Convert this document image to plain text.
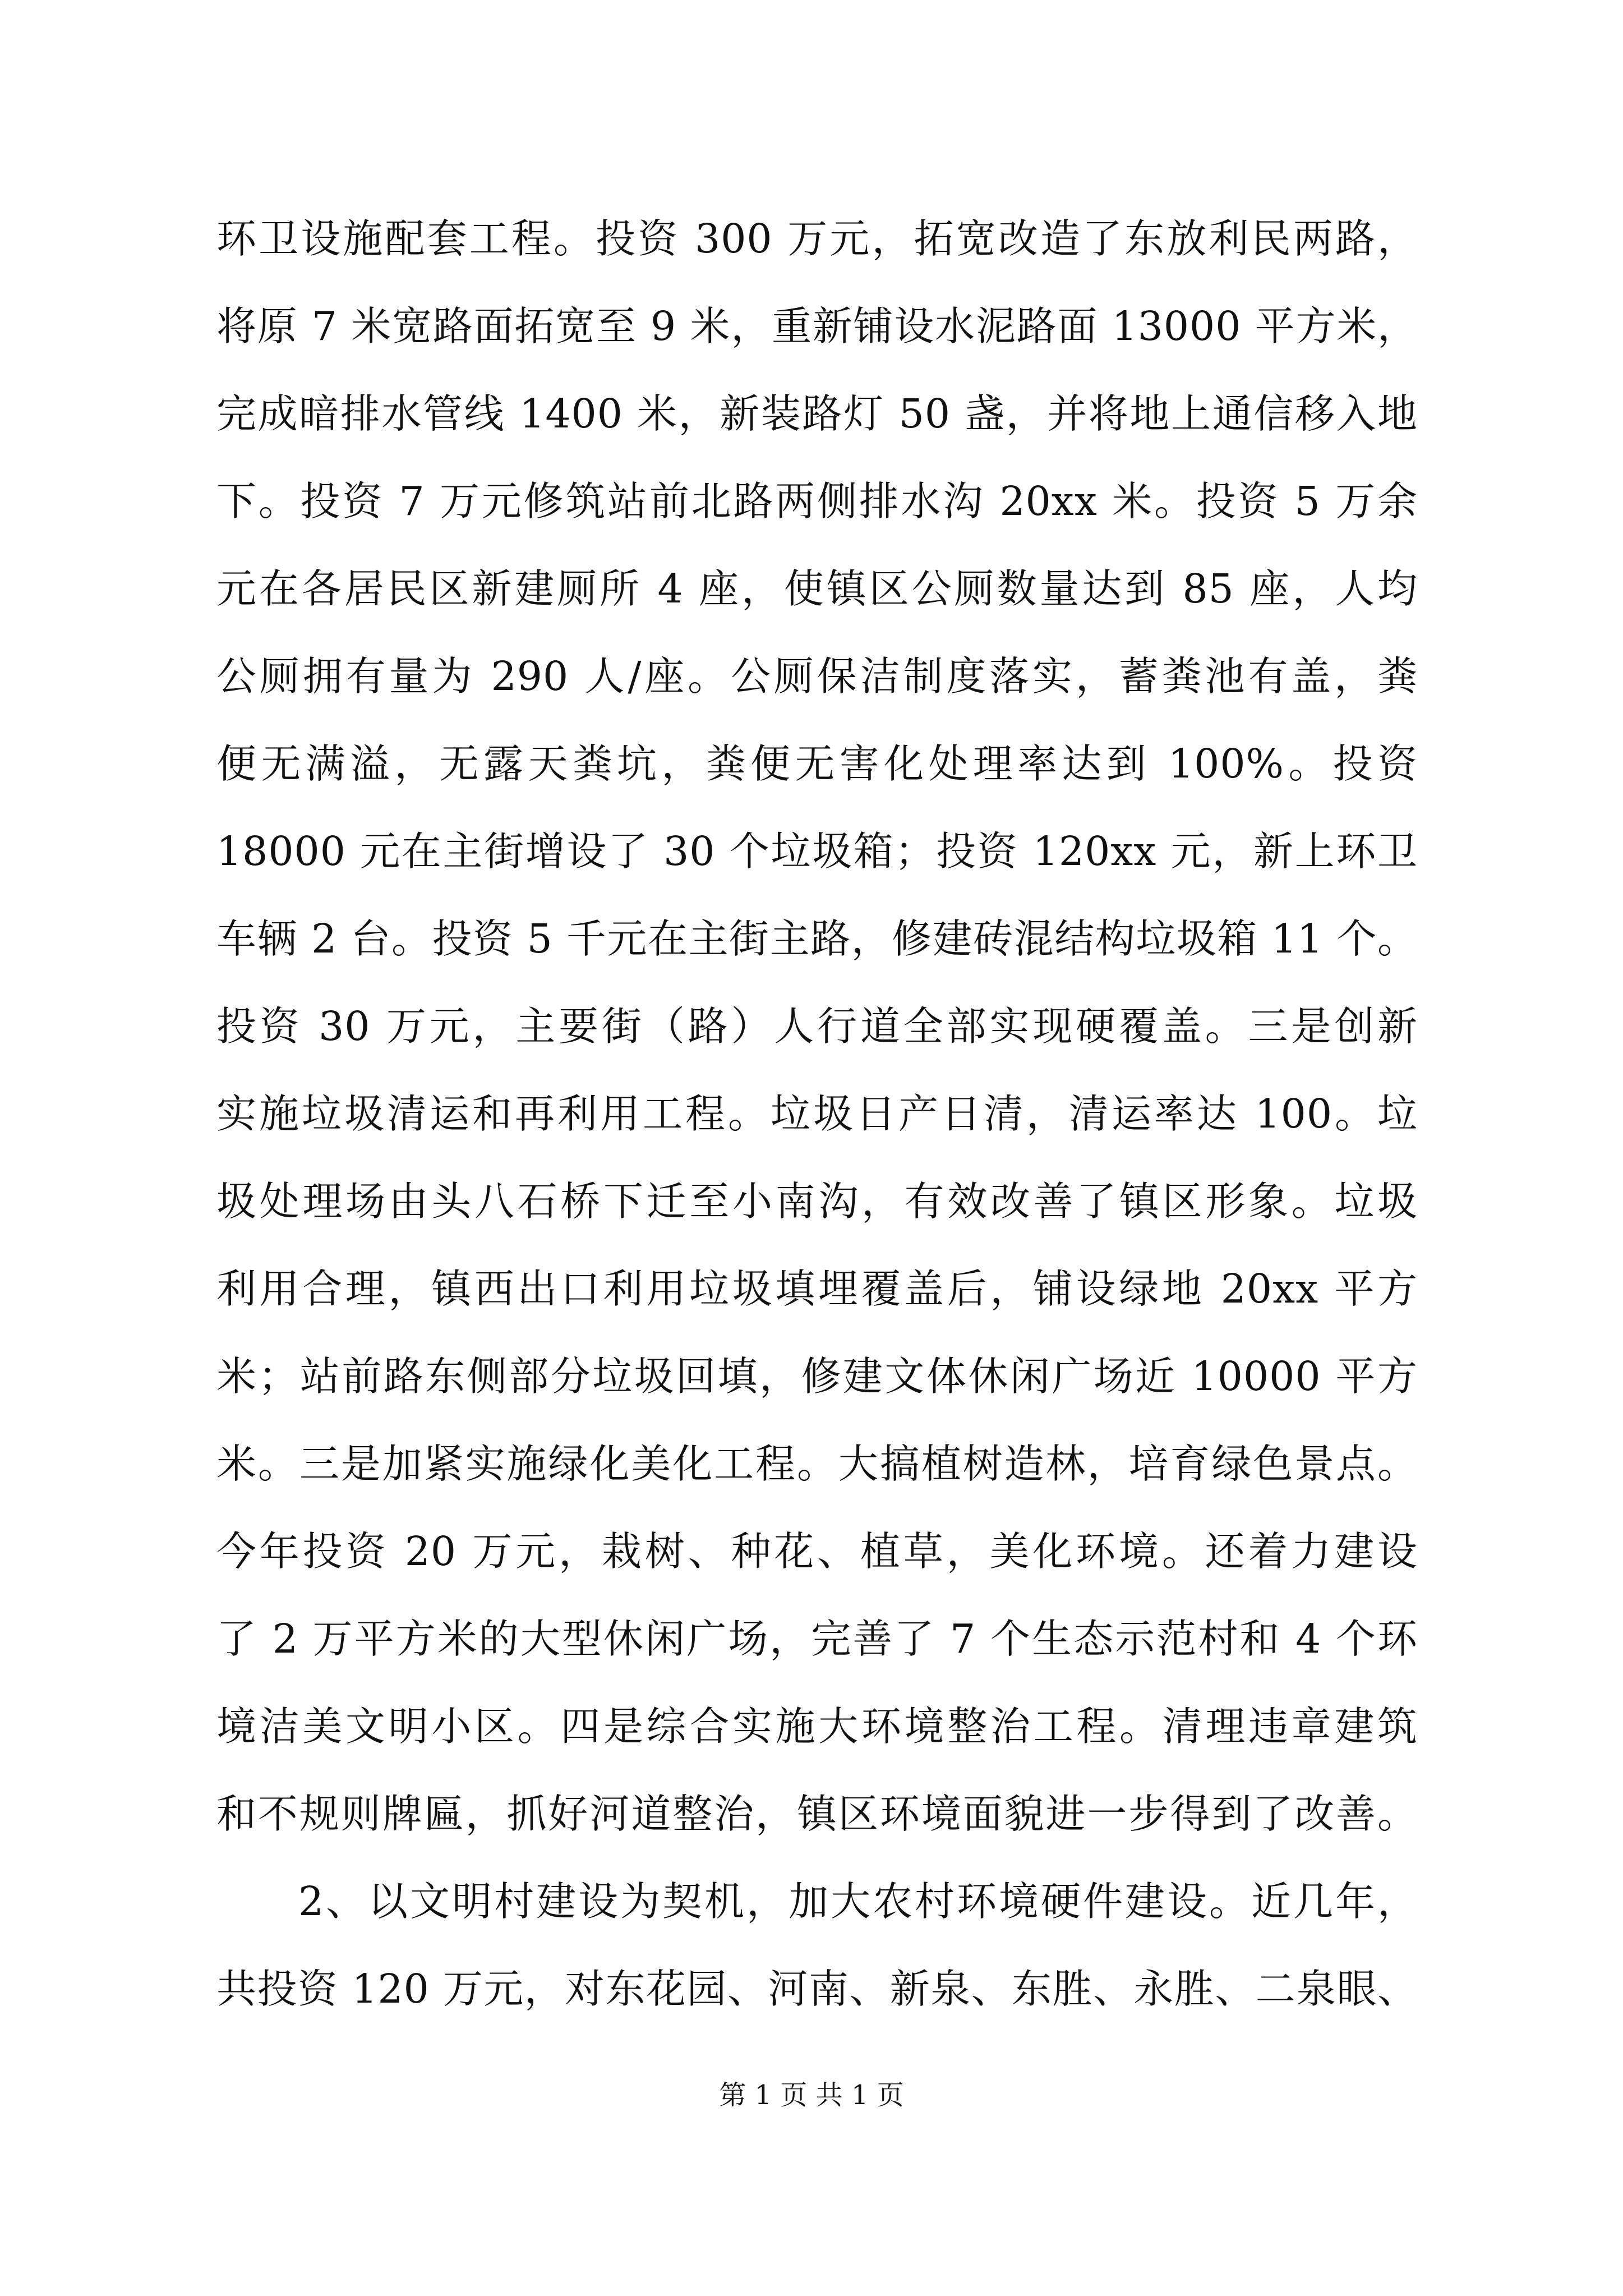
环卫设施配套工程。投资 300 万元，拓宽改造了东放利民两路，
将原 7 米宽路面拓宽至 9 米，重新铺设水泥路面 13000 平方米，
完成暗排水管线 1400 米，新装路灯 50 盏，并将地上通信移入地
下。投资 7 万元修筑站前北路两侧排水沟 20xx 米。投资 5 万余
元在各居民区新建厕所 4 座，使镇区公厕数量达到 85 座，人均
公厕拥有量为 290 人/座。公厕保洁制度落实，蓄粪池有盖，粪
便无满溢，无露天粪坑，粪便无害化处理率达到 100%。投资
18000 元在主街增设了 30 个垃圾箱；投资 120xx 元，新上环卫
车辆 2 台。投资 5 千元在主街主路，修建砖混结构垃圾箱 11 个。
投资 30 万元，主要街（路）人行道全部实现硬覆盖。三是创新
实施垃圾清运和再利用工程。垃圾日产日清，清运率达 100。垃
圾处理场由头八石桥下迁至小南沟，有效改善了镇区形象。垃圾
利用合理，镇西出口利用垃圾填埋覆盖后，铺设绿地 20xx 平方
米；站前路东侧部分垃圾回填，修建文体休闲广场近 10000 平方
米。三是加紧实施绿化美化工程。大搞植树造林，培育绿色景点。
今年投资 20 万元，栽树、种花、植草，美化环境。还着力建设
了 2 万平方米的大型休闲广场，完善了 7 个生态示范村和 4 个环
境洁美文明小区。四是综合实施大环境整治工程。清理违章建筑
和不规则牌匾，抓好河道整治，镇区环境面貌进一步得到了改善。
2、以文明村建设为契机，加大农村环境硬件建设。近几年，
共投资 120 万元，对东花园、河南、新泉、东胜、永胜、二泉眼、
第 1 页 共 1 页
